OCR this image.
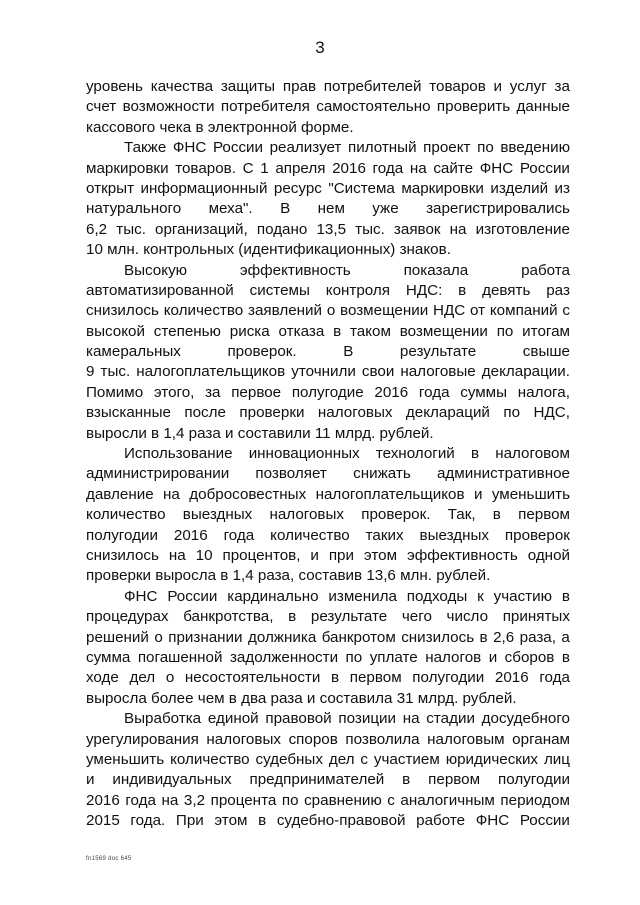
3
уровень качества защиты прав потребителей товаров и услуг за
счет возможности потребителя самостоятельно проверить данные
кассового чека в электронной форме.
Также ФНС России реализует пилотный проект по введению
маркировки товаров. С 1 апреля 2016 года на сайте ФНС России
открыт информационный ресурс "Система маркировки изделий из
натурального меха". В нем уже зарегистрировались
6,2 тыс. организаций, подано 13,5 тыс. заявок на изготовление
10 млн. контрольных (идентификационных) знаков.
Высокую	эффективность	показала	работа
автоматизированной системы контроля НДС: в девять раз
снизилось количество заявлений о возмещении НДС от компаний с
высокой степенью риска отказа в таком возмещении по итогам
камеральных	проверок.	В	результате	свыше
9 тыс. налогоплательщиков уточнили свои налоговые декларации.
Помимо этого, за первое полугодие 2016 года суммы налога,
взысканные после проверки налоговых деклараций по НДС,
выросли в 1,4 раза и составили 11 млрд. рублей.
Использование инновационных технологий в налоговом
администрировании позволяет снижать административное
давление на добросовестных налогоплательщиков и уменьшить
количество выездных налоговых проверок. Так, в первом
полугодии 2016 года количество таких выездных проверок
снизилось на 10 процентов, и при этом эффективность одной
проверки выросла в 1,4 раза, составив 13,6 млн. рублей.
ФНС России кардинально изменила подходы к участию в
процедурах банкротства, в результате чего число принятых
решений о признании должника банкротом снизилось в 2,6 раза, а
сумма погашенной задолженности по уплате налогов и сборов в
ходе дел о несостоятельности в первом полугодии 2016 года
выросла более чем в два раза и составила 31 млрд. рублей.
Выработка единой правовой позиции на стадии досудебного
урегулирования налоговых споров позволила налоговым органам
уменьшить количество судебных дел с участием юридических лиц
и индивидуальных предпринимателей в первом полугодии
2016 года на 3,2 процента по сравнению с аналогичным периодом
2015 года. При этом в судебно-правовой работе ФНС России
fn1569 doc 645
